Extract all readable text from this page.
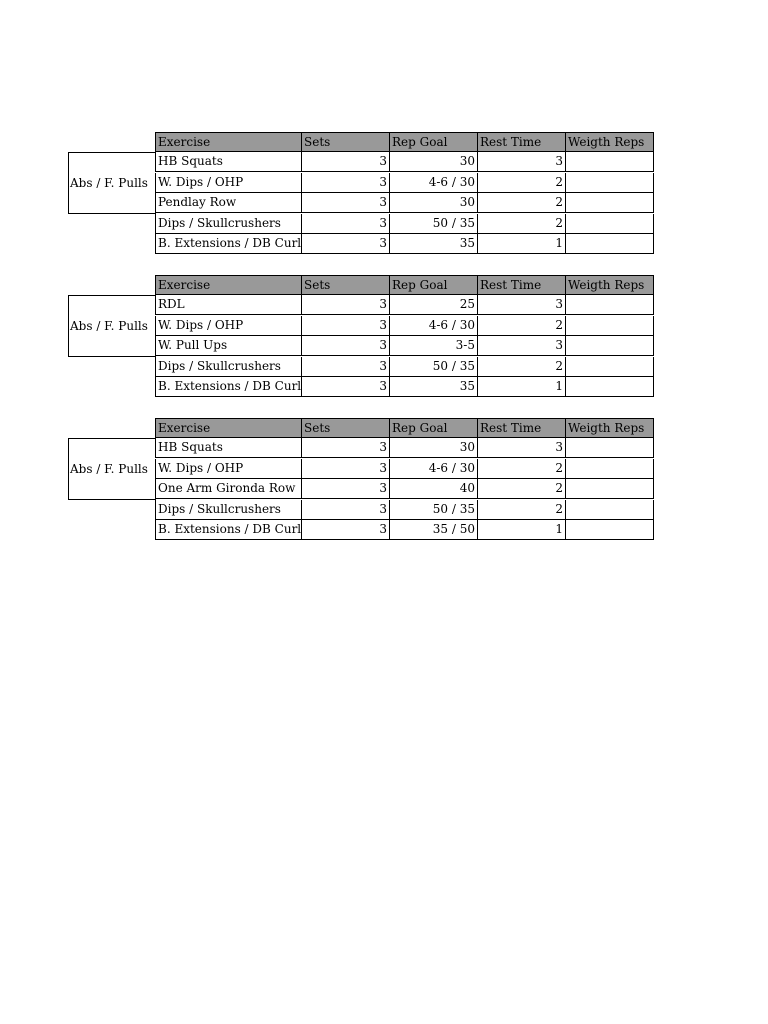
Exercise	Sets	Rep Goal	Rest Time	Weigth Reps
Abs / F. Pulls
HB Squats	3	30	3
W. Dips / OHP	3	4-6 / 30	2
Pendlay Row	3	30	2
Dips / Skullcrushers	3	50 / 35	2
B. Extensions / DB Curl	3	35	1
Exercise	Sets	Rep Goal	Rest Time	Weigth Reps
Abs / F. Pulls
RDL	3	25	3
W. Dips / OHP	3	4-6 / 30	2
W. Pull Ups	3	3-5	3
Dips / Skullcrushers	3	50 / 35	2
B. Extensions / DB Curl	3	35	1
Exercise	Sets	Rep Goal	Rest Time	Weigth Reps
Abs / F. Pulls
HB Squats	3	30	3
W. Dips / OHP	3	4-6 / 30	2
One Arm Gironda Row	3	40	2
Dips / Skullcrushers	3	50 / 35	2
B. Extensions / DB Curl	3	35 / 50	1
